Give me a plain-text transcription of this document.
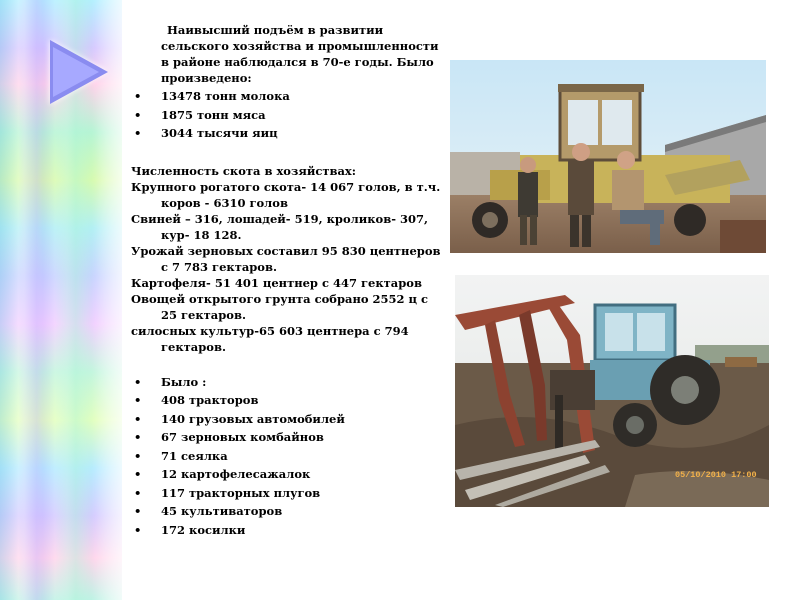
Наивысший подъём в развитии
сельского хозяйства и промышленности
в районе наблюдался в 70-е годы. Было
произведено:

• 13478 тонн молока
• 1875 тонн мяса
• 3044 тысячи яиц

Численность скота в хозяйствах:

Крупного рогатого скота- 14 067 голов, в т.ч.
коров - 6310 голов

Свиней – 316, лошадей- 519, кроликов- 307,
кур- 18 128.

Урожай зерновых составил 95 830 центнеров
с 7 783 гектаров.

Картофеля- 51 401 центнер с 447 гектаров

Овощей открытого грунта собрано 2552 ц с
25 гектаров.

силосных культур-65 603 центнера с 794
гектаров.

• Было :
• 408 тракторов
• 140 грузовых автомобилей
• 67 зерновых комбайнов
• 71 сеялка
• 12 картофелесажалок
• 117 тракторных плугов
• 45 культиваторов
• 172 косилки
05/10/2010 17:00
